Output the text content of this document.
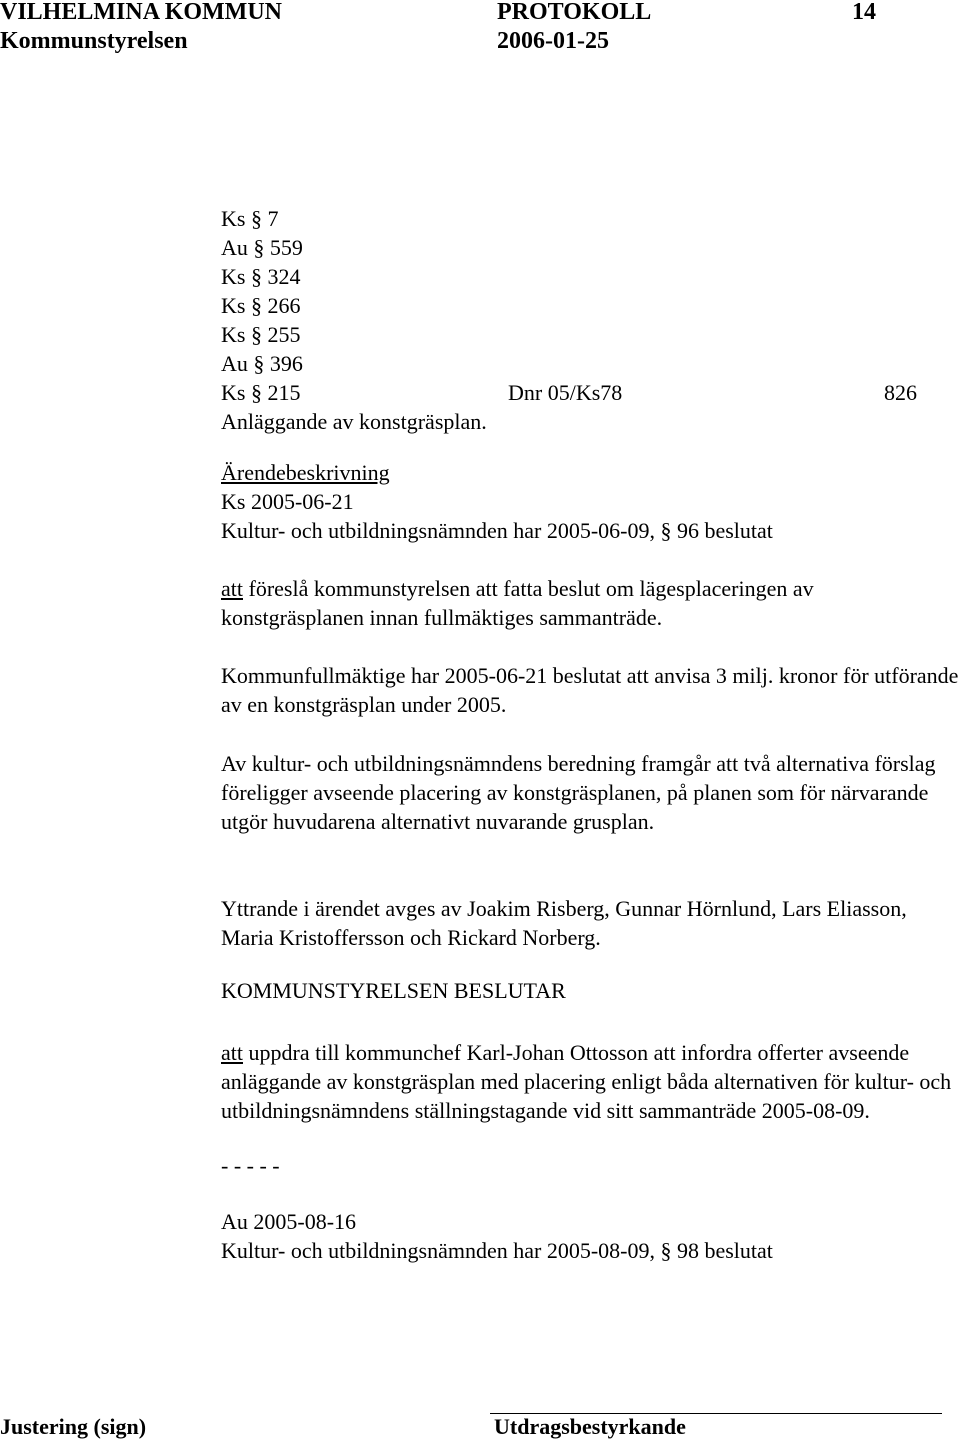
VILHELMINA KOMMUN	PROTOKOLL	14
Kommunstyrelsen	2006-01-25
Ks § 7
Au § 559
Ks § 324
Ks § 266
Ks § 255
Au § 396
Ks § 215	Dnr 05/Ks78	826
Anläggande av konstgräsplan.
Ärendebeskrivning
Ks 2005-06-21
Kultur- och utbildningsnämnden har 2005-06-09, § 96 beslutat

att föreslå kommunstyrelsen att fatta beslut om lägesplaceringen av konstgräsplanen innan fullmäktiges sammanträde.

Kommunfullmäktige har 2005-06-21 beslutat att anvisa 3 milj. kronor för utförande av en konstgräsplan under 2005.
Av kultur- och utbildningsnämndens beredning framgår att två alternativa förslag föreligger avseende placering av konstgräsplanen, på planen som för närvarande utgör huvudarena alternativt nuvarande grusplan.
Yttrande i ärendet avges av Joakim Risberg, Gunnar Hörnlund, Lars Eliasson, Maria Kristoffersson och Rickard Norberg.
KOMMUNSTYRELSEN BESLUTAR

att uppdra till kommunchef Karl-Johan Ottosson att infordra offerter avseende anläggande av konstgräsplan med placering enligt båda alternativen för kultur- och utbildningsnämndens ställningstagande vid sitt sammanträde 2005-08-09.

- - - - -
Au 2005-08-16
Kultur- och utbildningsnämnden har 2005-08-09, § 98 beslutat
Justering (sign)	Utdragsbestyrkande
